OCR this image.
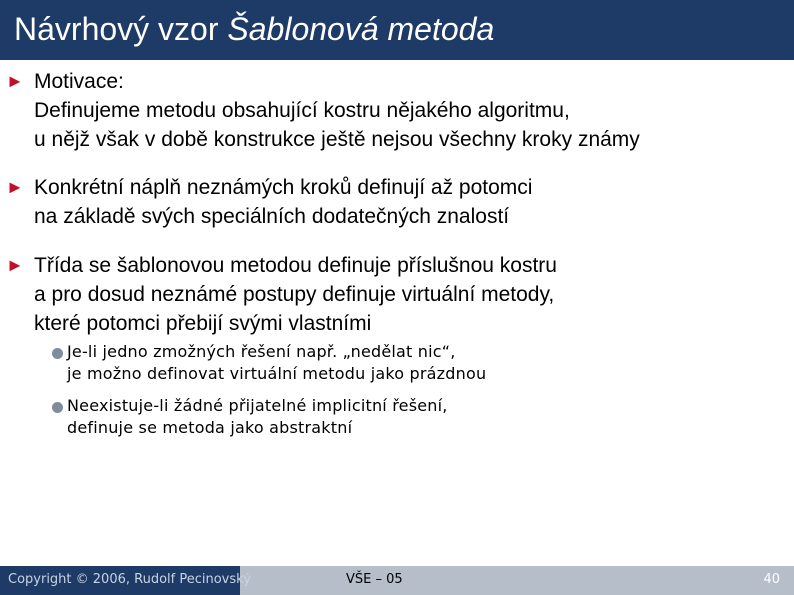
Návrhový vzor Šablonová metoda
► Motivace:
Definujeme metodu obsahující kostru nějakého algoritmu,
u nějž však v době konstrukce ještě nejsou všechny kroky známy
► Konkrétní náplň neznámých kroků definují až potomci
na základě svých speciálních dodatečných znalostí
► Třída se šablonovou metodou definuje příslušnou kostru
a pro dosud neznámé postupy definuje virtuální metody,
které potomci přebijí svými vlastními
Je-li jedno zmožných řešení např. „nedělat nic“,
je možno definovat virtuální metodu jako prázdnou
Neexistuje-li žádné přijatelné implicitní řešení,
definuje se metoda jako abstraktní
Copyright © 2006, Rudolf Pecinovský	VŠE – 05	40
